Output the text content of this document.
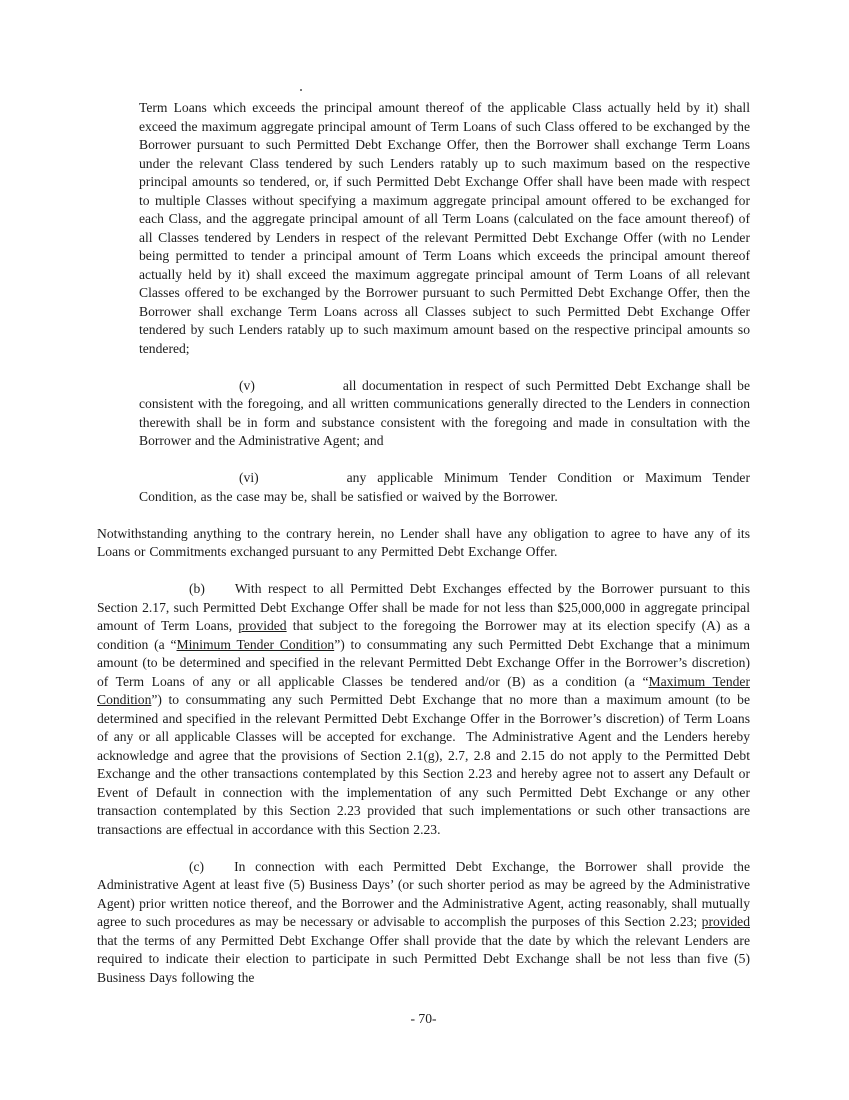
Term Loans which exceeds the principal amount thereof of the applicable Class actually held by it) shall exceed the maximum aggregate principal amount of Term Loans of such Class offered to be exchanged by the Borrower pursuant to such Permitted Debt Exchange Offer, then the Borrower shall exchange Term Loans under the relevant Class tendered by such Lenders ratably up to such maximum based on the respective principal amounts so tendered, or, if such Permitted Debt Exchange Offer shall have been made with respect to multiple Classes without specifying a maximum aggregate principal amount offered to be exchanged for each Class, and the aggregate principal amount of all Term Loans (calculated on the face amount thereof) of all Classes tendered by Lenders in respect of the relevant Permitted Debt Exchange Offer (with no Lender being permitted to tender a principal amount of Term Loans which exceeds the principal amount thereof actually held by it) shall exceed the maximum aggregate principal amount of Term Loans of all relevant Classes offered to be exchanged by the Borrower pursuant to such Permitted Debt Exchange Offer, then the Borrower shall exchange Term Loans across all Classes subject to such Permitted Debt Exchange Offer tendered by such Lenders ratably up to such maximum amount based on the respective principal amounts so tendered;

(v)	all documentation in respect of such Permitted Debt Exchange shall be consistent with the foregoing, and all written communications generally directed to the Lenders in connection therewith shall be in form and substance consistent with the foregoing and made in consultation with the Borrower and the Administrative Agent; and

(vi)	any applicable Minimum Tender Condition or Maximum Tender Condition, as the case may be, shall be satisfied or waived by the Borrower.

Notwithstanding anything to the contrary herein, no Lender shall have any obligation to agree to have any of its Loans or Commitments exchanged pursuant to any Permitted Debt Exchange Offer.

(b) With respect to all Permitted Debt Exchanges effected by the Borrower pursuant to this Section 2.17, such Permitted Debt Exchange Offer shall be made for not less than $25,000,000 in aggregate principal amount of Term Loans, provided that subject to the foregoing the Borrower may at its election specify (A) as a condition (a “Minimum Tender Condition”) to consummating any such Permitted Debt Exchange that a minimum amount (to be determined and specified in the relevant Permitted Debt Exchange Offer in the Borrower’s discretion) of Term Loans of any or all applicable Classes be tendered and/or (B) as a condition (a “Maximum Tender Condition”) to consummating any such Permitted Debt Exchange that no more than a maximum amount (to be determined and specified in the relevant Permitted Debt Exchange Offer in the Borrower’s discretion) of Term Loans of any or all applicable Classes will be accepted for exchange.  The Administrative Agent and the Lenders hereby acknowledge and agree that the provisions of Section 2.1(g), 2.7, 2.8 and 2.15 do not apply to the Permitted Debt Exchange and the other transactions contemplated by this Section 2.23 and hereby agree not to assert any Default or Event of Default in connection with the implementation of any such Permitted Debt Exchange or any other transaction contemplated by this Section 2.23 provided that such implementations or such other transactions are transactions are effectual in accordance with this Section 2.23.

(c) In connection with each Permitted Debt Exchange, the Borrower shall provide the Administrative Agent at least five (5) Business Days’ (or such shorter period as may be agreed by the Administrative Agent) prior written notice thereof, and the Borrower and the Administrative Agent, acting reasonably, shall mutually agree to such procedures as may be necessary or advisable to accomplish the purposes of this Section 2.23; provided that the terms of any Permitted Debt Exchange Offer shall provide that the date by which the relevant Lenders are required to indicate their election to participate in such Permitted Debt Exchange shall be not less than five (5) Business Days following the

- 70-
